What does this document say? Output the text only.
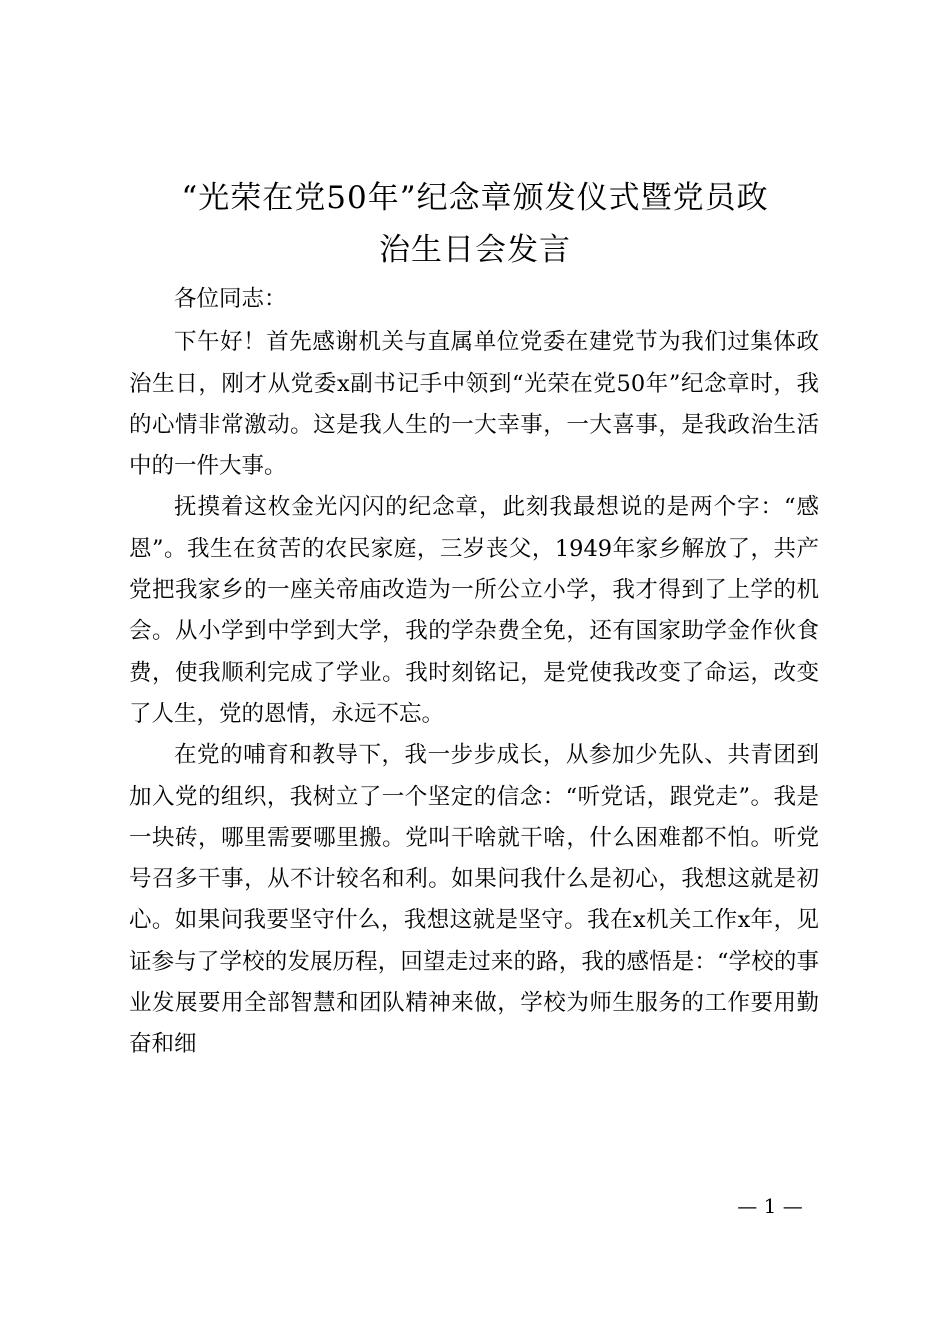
“光荣在党50年”纪念章颁发仪式暨党员政
治生日会发言

各位同志：

下午好！首先感谢机关与直属单位党委在建党节为我们过集体政治生日，刚才从党委x副书记手中领到“光荣在党50年”纪念章时，我的心情非常激动。这是我人生的一大幸事，一大喜事，是我政治生活中的一件大事。

抚摸着这枚金光闪闪的纪念章，此刻我最想说的是两个字：“感恩”。我生在贫苦的农民家庭，三岁丧父，1949年家乡解放了，共产党把我家乡的一座关帝庙改造为一所公立小学，我才得到了上学的机会。从小学到中学到大学，我的学杂费全免，还有国家助学金作伙食费，使我顺利完成了学业。我时刻铭记，是党使我改变了命运，改变了人生，党的恩情，永远不忘。

在党的哺育和教导下，我一步步成长，从参加少先队、共青团到加入党的组织，我树立了一个坚定的信念：“听党话，跟党走”。我是一块砖，哪里需要哪里搬。党叫干啥就干啥，什么困难都不怕。听党号召多干事，从不计较名和利。如果问我什么是初心，我想这就是初心。如果问我要坚守什么，我想这就是坚守。我在x机关工作x年，见证参与了学校的发展历程，回望走过来的路，我的感悟是：“学校的事业发展要用全部智慧和团队精神来做，学校为师生服务的工作要用勤奋和细

— 1 —
